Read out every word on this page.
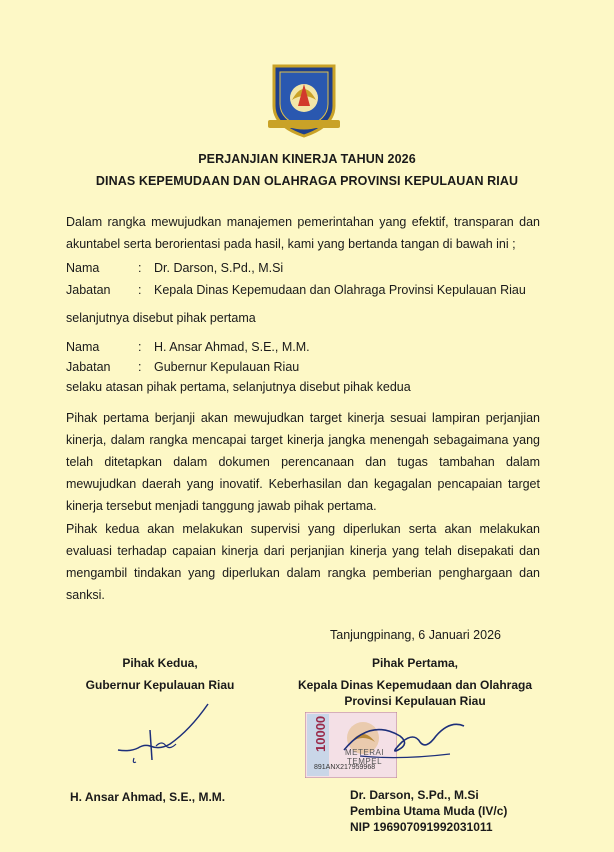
PERJANJIAN KINERJA TAHUN 2026
DINAS KEPEMUDAAN DAN OLAHRAGA PROVINSI KEPULAUAN RIAU
Dalam rangka mewujudkan manajemen pemerintahan yang efektif, transparan dan akuntabel serta berorientasi pada hasil, kami yang bertanda tangan di bawah ini ;
Nama	: Dr. Darson, S.Pd., M.Si
Jabatan : Kepala Dinas Kepemudaan dan Olahraga Provinsi Kepulauan Riau
selanjutnya disebut pihak pertama
Nama	: H. Ansar Ahmad, S.E., M.M.
Jabatan : Gubernur Kepulauan Riau
selaku atasan pihak pertama, selanjutnya disebut pihak kedua
Pihak pertama berjanji akan mewujudkan target kinerja sesuai lampiran perjanjian kinerja, dalam rangka mencapai target kinerja jangka menengah sebagaimana yang telah ditetapkan dalam dokumen perencanaan dan tugas tambahan dalam mewujudkan daerah yang inovatif. Keberhasilan dan kegagalan pencapaian target kinerja tersebut menjadi tanggung jawab pihak pertama.
Pihak kedua akan melakukan supervisi yang diperlukan serta akan melakukan evaluasi terhadap capaian kinerja dari perjanjian kinerja yang telah disepakati dan mengambil tindakan yang diperlukan dalam rangka pemberian penghargaan dan sanksi.
Tanjungpinang, 6 Januari 2026
Pihak Kedua,
Gubernur Kepulauan Riau
Pihak Pertama,
Kepala Dinas Kepemudaan dan Olahraga
Provinsi Kepulauan Riau
10000
METERAI
TEMPEL
891ANX217959968
H. Ansar Ahmad, S.E., M.M.	Dr. Darson, S.Pd., M.Si
Pembina Utama Muda (IV/c)
NIP 196907091992031011
